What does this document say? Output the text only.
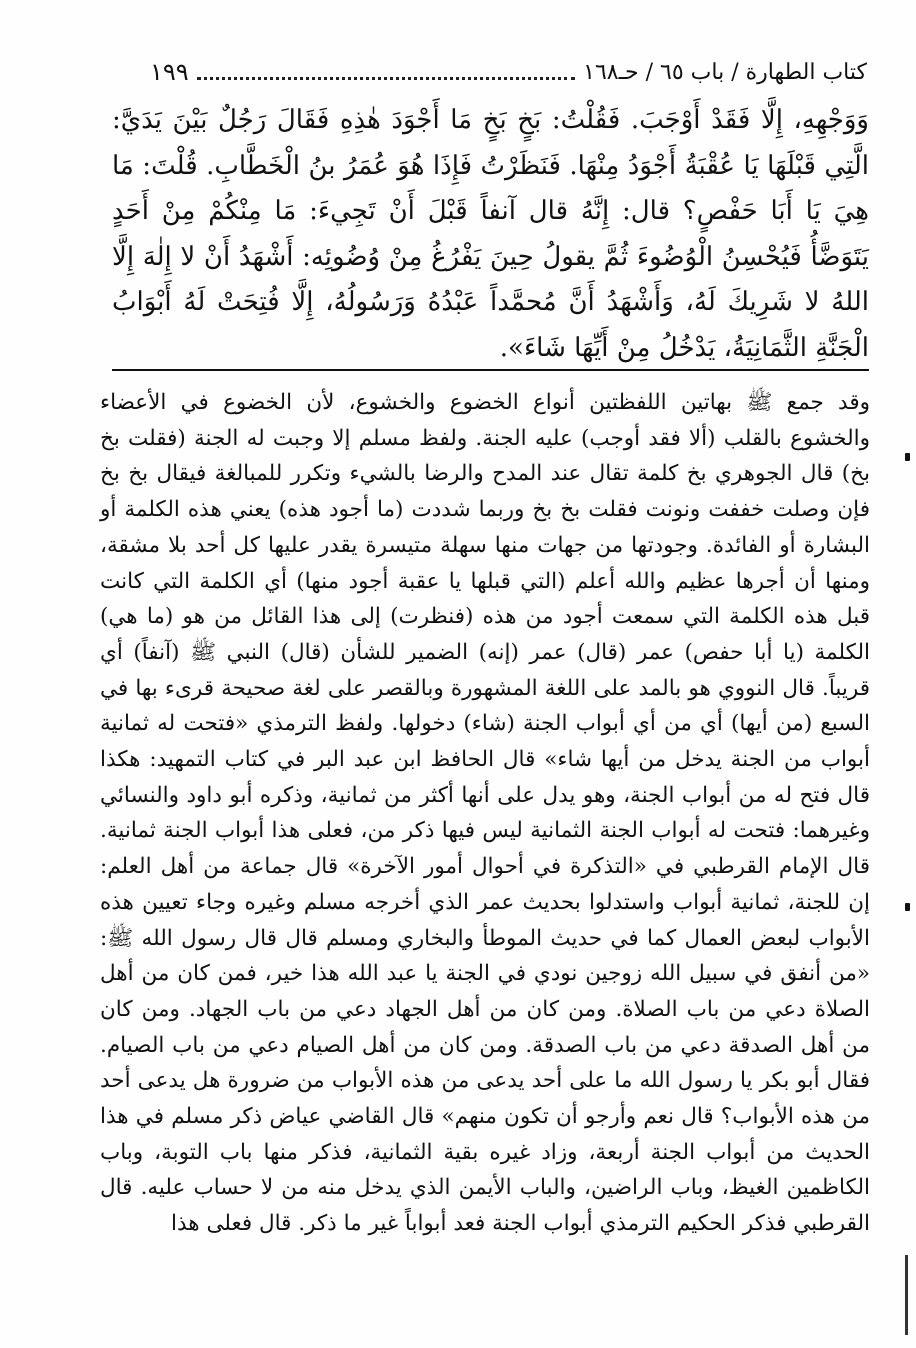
كتاب الطهارة / باب ٦٥ / حـ١٦٨
١٩٩

وَوَجْهِهِ، إِلَّا فَقَدْ أَوْجَبَ. فَقُلْتُ: بَخٍ بَخٍ مَا أَجْوَدَ هٰذِهِ فَقَالَ رَجُلٌ بَيْنَ يَدَيَّ: الَّتِي قَبْلَهَا يَا عُقْبَةُ أَجْوَدُ مِنْهَا. فَنَظَرْتُ فَإِذَا هُوَ عُمَرُ بنُ الْخَطَّابِ. قُلْتَ: مَا هِيَ يَا أَبَا حَفْصٍ؟ قال: إِنَّهُ قال آنفاً قَبْلَ أَنْ تَجِيءَ: مَا مِنْكُمْ مِنْ أَحَدٍ يَتَوَضَّأُ فَيُحْسِنُ الْوُضُوءَ ثُمَّ يقولُ حِينَ يَفْرُغُ مِنْ وُضُوئِه: أَشْهَدُ أَنْ لا إِلٰهَ إِلَّا اللهُ لا شَرِيكَ لَهُ، وَأَشْهَدُ أَنَّ مُحمَّداً عَبْدُهُ وَرَسُولُهُ، إِلَّا فُتِحَتْ لَهُ أَبْوَابُ الْجَنَّةِ الثَّمَانِيَةُ، يَدْخُلُ مِنْ أَيِّهَا شَاءَ».

وقد جمع ﷺ بهاتين اللفظتين أنواع الخضوع والخشوع، لأن الخضوع في الأعضاء والخشوع بالقلب (ألا فقد أوجب) عليه الجنة. ولفظ مسلم إلا وجبت له الجنة (فقلت بخ بخ) قال الجوهري بخ كلمة تقال عند المدح والرضا بالشيء وتكرر للمبالغة فيقال بخ بخ فإن وصلت خففت ونونت فقلت بخ بخ وربما شددت (ما أجود هذه) يعني هذه الكلمة أو البشارة أو الفائدة. وجودتها من جهات منها سهلة متيسرة يقدر عليها كل أحد بلا مشقة، ومنها أن أجرها عظيم والله أعلم (التي قبلها يا عقبة أجود منها) أي الكلمة التي كانت قبل هذه الكلمة التي سمعت أجود من هذه (فنظرت) إلى هذا القائل من هو (ما هي) الكلمة (يا أبا حفص) عمر (قال) عمر (إنه) الضمير للشأن (قال) النبي ﷺ (آنفاً) أي قريباً. قال النووي هو بالمد على اللغة المشهورة وبالقصر على لغة صحيحة قرىء بها في السبع (من أيها) أي من أي أبواب الجنة (شاء) دخولها. ولفظ الترمذي «فتحت له ثمانية أبواب من الجنة يدخل من أيها شاء» قال الحافظ ابن عبد البر في كتاب التمهيد: هكذا قال فتح له من أبواب الجنة، وهو يدل على أنها أكثر من ثمانية، وذكره أبو داود والنسائي وغيرهما: فتحت له أبواب الجنة الثمانية ليس فيها ذكر من، فعلى هذا أبواب الجنة ثمانية. قال الإمام القرطبي في «التذكرة في أحوال أمور الآخرة» قال جماعة من أهل العلم: إن للجنة، ثمانية أبواب واستدلوا بحديث عمر الذي أخرجه مسلم وغيره وجاء تعيين هذه الأبواب لبعض العمال كما في حديث الموطأ والبخاري ومسلم قال قال رسول الله ﷺ: «من أنفق في سبيل الله زوجين نودي في الجنة يا عبد الله هذا خير، فمن كان من أهل الصلاة دعي من باب الصلاة. ومن كان من أهل الجهاد دعي من باب الجهاد. ومن كان من أهل الصدقة دعي من باب الصدقة. ومن كان من أهل الصيام دعي من باب الصيام. فقال أبو بكر يا رسول الله ما على أحد يدعى من هذه الأبواب من ضرورة هل يدعى أحد من هذه الأبواب؟ قال نعم وأرجو أن تكون منهم» قال القاضي عياض ذكر مسلم في هذا الحديث من أبواب الجنة أربعة، وزاد غيره بقية الثمانية، فذكر منها باب التوبة، وباب الكاظمين الغيظ، وباب الراضين، والباب الأيمن الذي يدخل منه من لا حساب عليه. قال القرطبي فذكر الحكيم الترمذي أبواب الجنة فعد أبواباً غير ما ذكر. قال فعلى هذا
